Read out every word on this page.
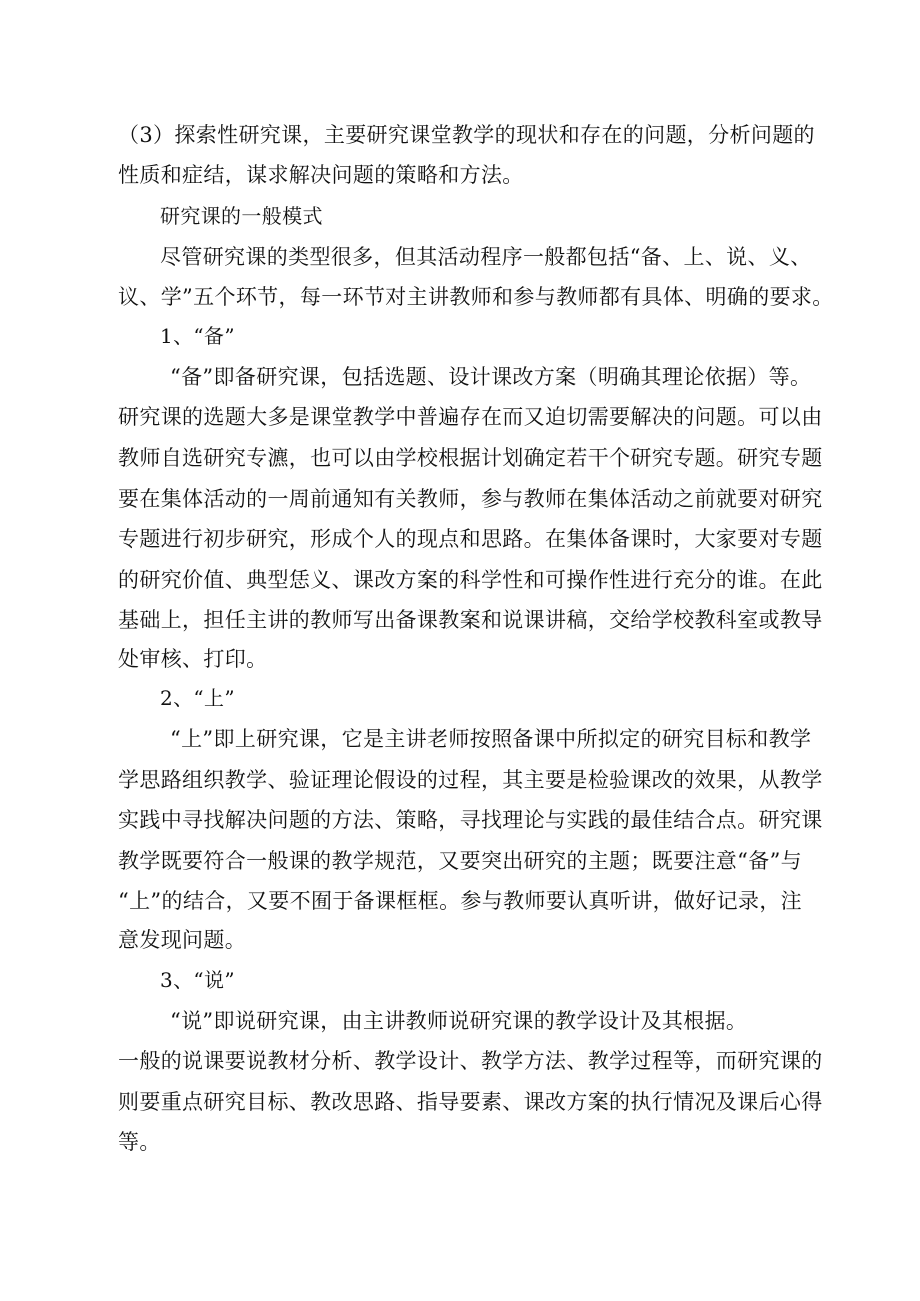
（3）探索性研究课，主要研究课堂教学的现状和存在的问题，分析问题的
性质和症结，谋求解决问题的策略和方法。
研究课的一般模式
尽管研究课的类型很多，但其活动程序一般都包括“备、上、说、义、
议、学”五个环节，每一环节对主讲教师和参与教师都有具体、明确的要求。
1、“备”
“备”即备研究课，包括选题、设计课改方案（明确其理论依据）等。
研究课的选题大多是课堂教学中普遍存在而又迫切需要解决的问题。可以由
教师自选研究专瀌，也可以由学校根据计划确定若干个研究专题。研究专题
要在集体活动的一周前通知有关教师，参与教师在集体活动之前就要对研究
专题进行初步研究，形成个人的现点和思路。在集体备课时，大家要对专题
的研究价值、典型恁义、课改方案的科学性和可操作性进行充分的谁。在此
基础上，担任主讲的教师写出备课教案和说课讲稿，交给学校教科室或教导
处审核、打印。
2、“上”
“上”即上研究课，它是主讲老师按照备课中所拟定的研究目标和教学
学思路组织教学、验证理论假设的过程，其主要是检验课改的效果，从教学
实践中寻找解决问题的方法、策略，寻找理论与实践的最佳结合点。研究课
教学既要符合一般课的教学规范，又要突出研究的主题；既要注意“备”与
“上”的结合，又要不囿于备课框框。参与教师要认真听讲，做好记录，注
意发现问题。
3、“说”
“说”即说研究课，由主讲教师说研究课的教学设计及其根据。
一般的说课要说教材分析、教学设计、教学方法、教学过程等，而研究课的
则要重点研究目标、教改思路、指导要素、课改方案的执行情况及课后心得
等。
